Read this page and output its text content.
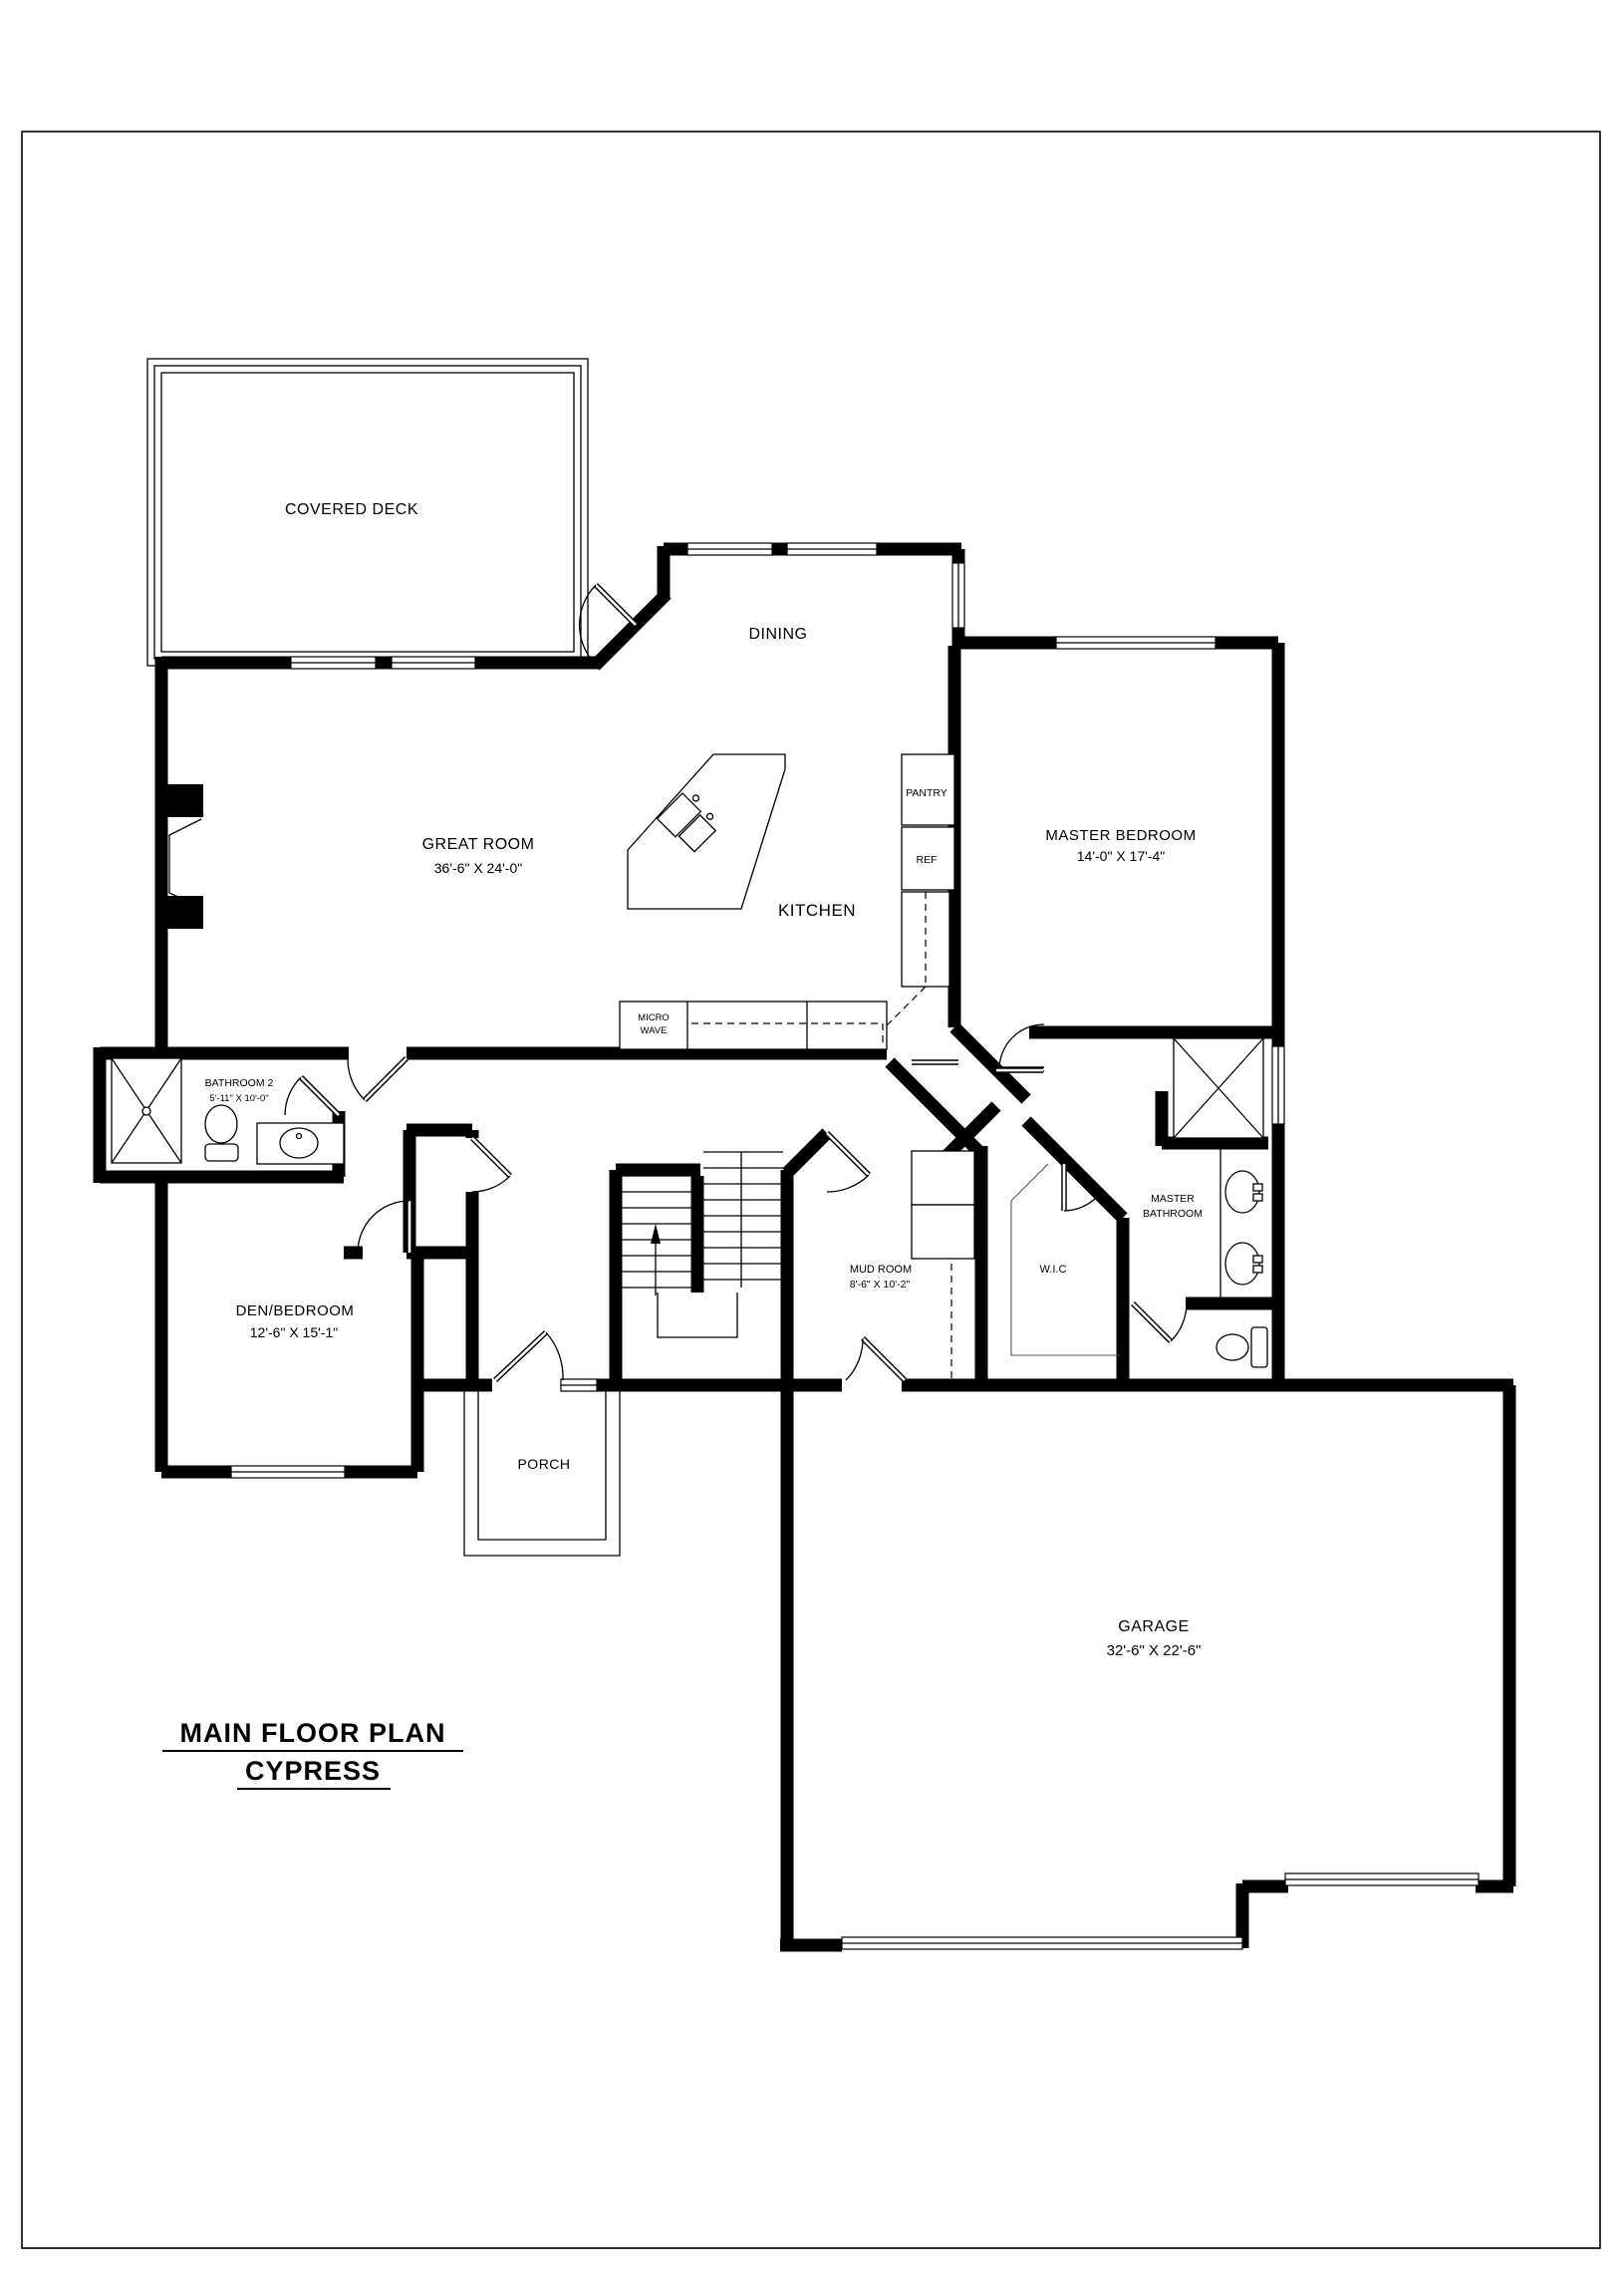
COVERED DECK
DINING
GREAT ROOM
36'-6" X 24'-0"
KITCHEN
PANTRY
REF
MICRO
WAVE
MASTER BEDROOM
14'-0" X 17'-4"
BATHROOM 2
5'-11" X 10'-0"
DEN/BEDROOM
12'-6" X 15'-1"
MUD ROOM
8'-6" X 10'-2"
W.I.C
MASTER
BATHROOM
PORCH
GARAGE
32'-6" X 22'-6"
MAIN FLOOR PLAN
CYPRESS
